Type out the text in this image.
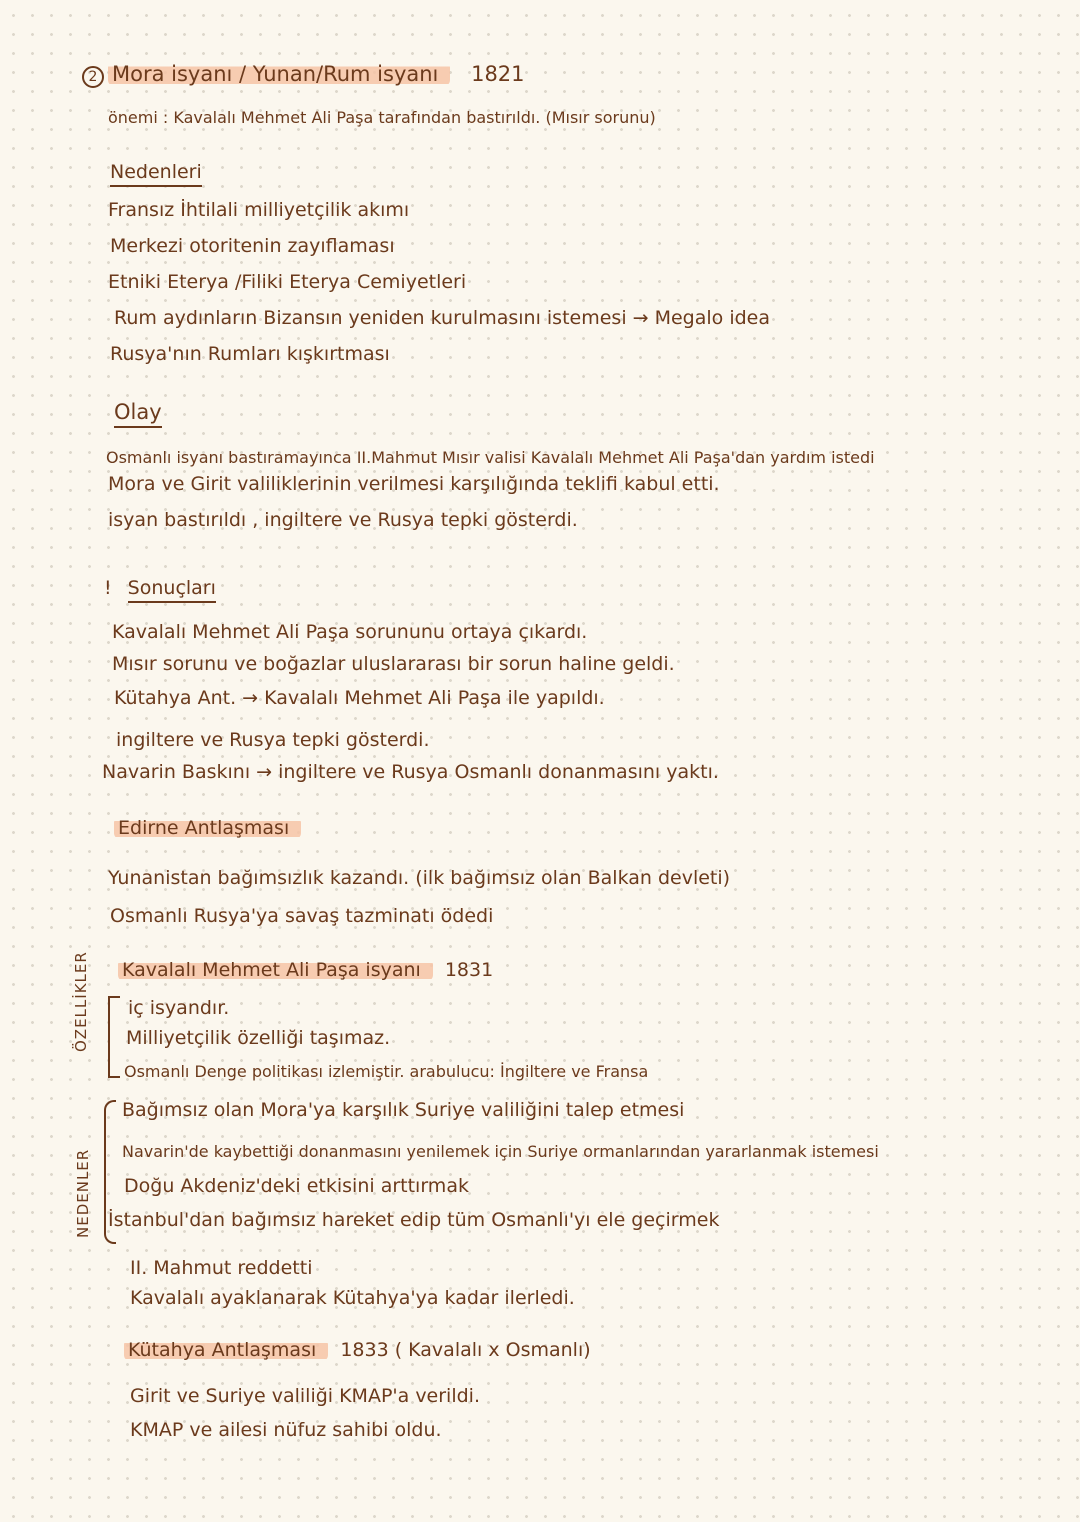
2 Mora isyanı / Yunan/Rum isyanı 1821
önemi : Kavalalı Mehmet Ali Paşa tarafından bastırıldı. (Mısır sorunu)
Nedenleri
Fransız İhtilali milliyetçilik akımı
Merkezi otoritenin zayıflaması
Etniki Eterya /Filiki Eterya Cemiyetleri
Rum aydınların Bizansın yeniden kurulmasını istemesi → Megalo idea
Rusya'nın Rumları kışkırtması
Olay
Osmanlı isyanı bastıramayınca II.Mahmut Mısır valisi Kavalalı Mehmet Ali Paşa'dan yardım istedi
Mora ve Girit valiliklerinin verilmesi karşılığında teklifi kabul etti.
isyan bastırıldı , ingiltere ve Rusya tepki gösterdi.
! Sonuçları
Kavalalı Mehmet Ali Paşa sorununu ortaya çıkardı.
Mısır sorunu ve boğazlar uluslararası bir sorun haline geldi.
Kütahya Ant. → Kavalalı Mehmet Ali Paşa ile yapıldı.
ingiltere ve Rusya tepki gösterdi.
Navarin Baskını → ingiltere ve Rusya Osmanlı donanmasını yaktı.
Edirne Antlaşması
Yunanistan bağımsızlık kazandı. (ilk bağımsız olan Balkan devleti)
Osmanlı Rusya'ya savaş tazminatı ödedi
Kavalalı Mehmet Ali Paşa isyanı 1831
ÖZELLİKLER iç isyandır.
Milliyetçilik özelliği taşımaz.
Osmanlı Denge politikası izlemiştir. arabulucu: İngiltere ve Fransa
NEDENLER
Bağımsız olan Mora'ya karşılık Suriye valiliğini talep etmesi
Navarin'de kaybettiği donanmasını yenilemek için Suriye ormanlarından yararlanmak istemesi
Doğu Akdeniz'deki etkisini arttırmak
İstanbul'dan bağımsız hareket edip tüm Osmanlı'yı ele geçirmek
II. Mahmut reddetti
Kavalalı ayaklanarak Kütahya'ya kadar ilerledi.
Kütahya Antlaşması 1833 ( Kavalalı x Osmanlı)
Girit ve Suriye valiliği KMAP'a verildi.
KMAP ve ailesi nüfuz sahibi oldu.
